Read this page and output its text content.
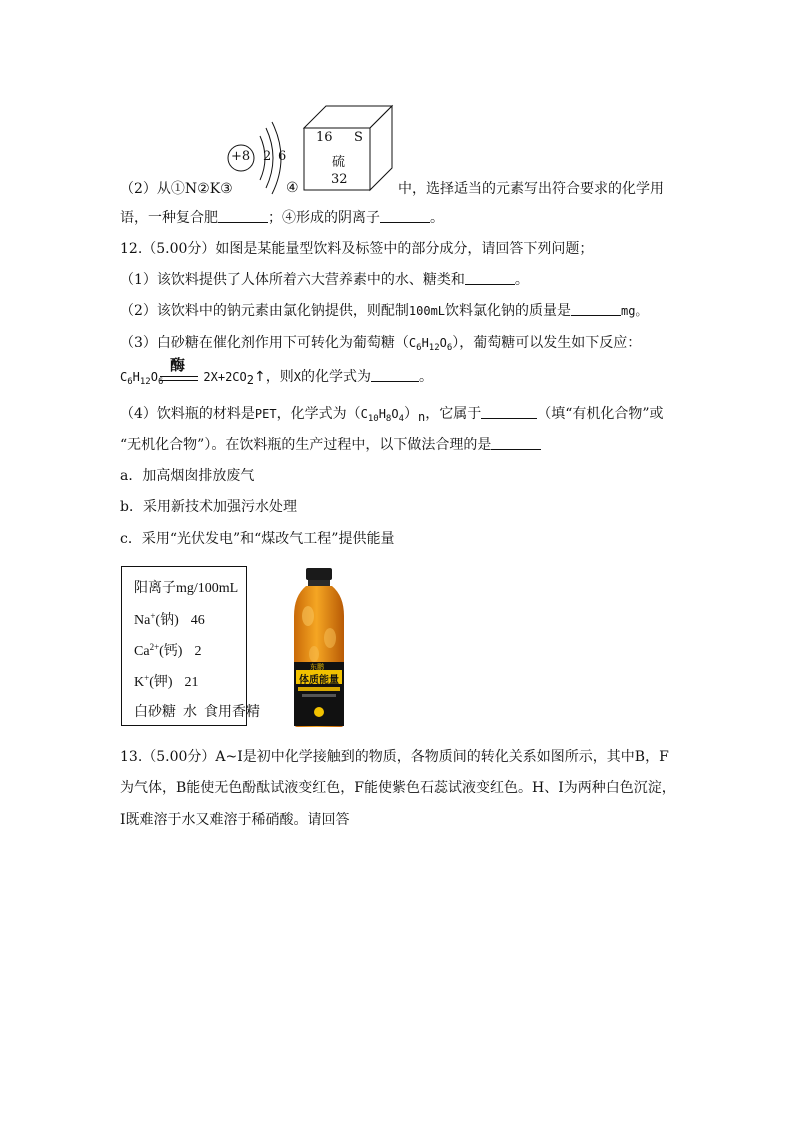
+8 2 6
16 S
硫
32
（2）从①N②K③	④	中，选择适当的元素写出符合要求的化学用
语，一种复合肥	；④形成的阴离子	。
12.（5.00分）如图是某能量型饮料及标签中的部分成分，请回答下列问题；
（1）该饮料提供了人体所着六大营养素中的水、糖类和	。
（2）该饮料中的钠元素由氯化钠提供，则配制100mL饮料氯化钠的质量是	mg。
（3）白砂糖在催化剂作用下可转化为葡萄糖$(C_6H_{12}O_6)$，葡萄糖可以发生如下反应：
酶
$C_6H_{12}O_6$	2X+2CO2↑，则X的化学式为	。
（4）饮料瓶的材料是PET，化学式为$(C_{10}H_8O_4)n$，它属于	（填“有机化合物”或
“无机化合物”）。在饮料瓶的生产过程中，以下做法合理的是
a．加高烟囱排放废气
b．采用新技术加强污水处理
c．采用“光伏发电”和“煤改气工程”提供能量
阳离子mg/100mL
Na+(钠) 46
$Ca^{2+}$(钙) 2
K+(钾) 21
白砂糖  水  食用香精
东鹏
体质能量
13.（5.00分）A~I是初中化学接触到的物质，各物质间的转化关系如图所示，其中B，F
为气体，B能使无色酚酞试液变红色，F能使紫色石蕊试液变红色。H、I为两种白色沉淀，
I既难溶于水又难溶于稀硝酸。请回答
